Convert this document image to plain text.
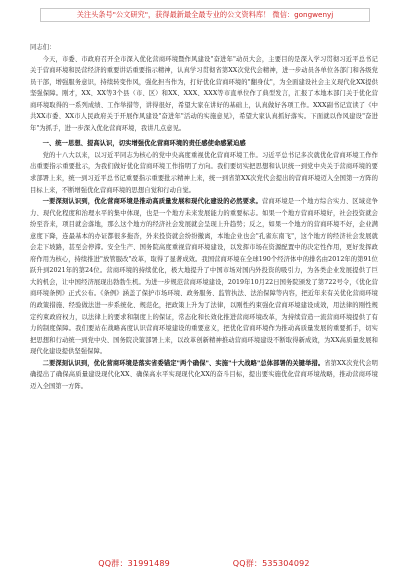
关注头条号"公文研究"，获得最新最全最专业的公文资料库！ 微信：gongwenyj

同志们：

今天，市委、市政府召开全市深入优化营商环境暨作风建设"奋进年"动员大会，主要目的是深入学习贯彻习近平总书记关于营商环境和民营经济的重要讲话重要指示精神，认真学习贯彻省第XX次党代会精神，进一步动员各单位各部门和各级党员干部，增强服务意识，持续转变作风，强化担当作为，打好优化营商环境的"翻身仗"，为全面建设社会主义现代化XX提供坚强保障。刚才，XX、XX等3个县（市、区）和XX、XXX、XXX等市直单位作了典型发言，汇报了本地本部门关于优化营商环境取得的一系列成绩、工作举措等，讲得很好，希望大家在讲好的基础上，认真做好各项工作。XXX副书记宣读了《中共XX市委、XX市人民政府关于开展作风建设"奋进年"活动的实施意见》，希望大家认真抓好落实。下面就以作风建设"奋进年"为抓手，进一步深入优化营商环境，我讲几点意见。

一、统一思想、提高认识，切实增强优化营商环境的责任感使命感紧迫感

党的十八大以来，以习近平同志为核心的党中央高度重视优化营商环境工作。习近平总书记多次就优化营商环境工作作出重要指示重要批示，为我们做好优化营商环境工作指明了方向。我们要切实把思想和认识统一到党中央关于营商环境的要求部署上来，统一到习近平总书记重要指示重要批示精神上来，统一到省第XX次党代会提出的营商环境迈入全国第一方阵的目标上来，不断增强优化营商环境的思想自觉和行动自觉。

一要深刻认识到，优化营商环境是推动高质量发展和现代化建设的必然要求。营商环境是一个地方综合实力、区域竞争力、现代化程度和治理水平的集中体现，也是一个地方未来发展能力的重要标志。如果一个地方营商环境好，社会投资就会纷至沓来，项目就会落地，那么这个地方的经济社会发展就会呈现上升趋势；反之，如果一个地方的营商环境不好，企业满意度下降，连最基本的办证都很多拖沓，外来投资就会纷纷撤离，本地企业也会"孔雀东南飞"，这个地方的经济社会发展就会走下坡路，甚至会停滞。安全生产、国务院高度重视营商环境建设，以发挥市场在资源配置中的决定性作用，更好发挥政府作用为核心，持续推进"放管服改"改革，取得了显著成效。我国营商环境在全球190个经济体中的排名由2012年的第91位跃升到2021年的第24位。营商环境的持续优化，极大地提升了中国市场对国内外投资的吸引力，为各类企业发展提供了巨大的机会，让中国经济展现出勃勃生机。为进一步规范营商环境建设，2019年10月22日国务院颁发了第722号令，《优化营商环境条例》正式公布。《条例》涵盖了保护市场环境、政务服务、监管执法、法治保障等内容，把近年来有关优化营商环境的政策措施、经验做法进一步系统化、规范化，把政策上升为了法律，以刚性约束强化营商环境建设成效，用法律的刚性规定约束政府权力，以法律上的要求和制度上的保证，常态化和长效化推进营商环境改革，为持续营造一流营商环境提供了有力的制度保障。我们要站在战略高度认识营商环境建设的重要意义，把优化营商环境作为推动高质量发展的重要抓手，切实把思想和行动统一到党中央、国务院决策部署上来，以改革创新精神推动营商环境建设不断取得新成效，为XX高质量发展和现代化建设提供坚强保障。

二要深刻认识到，优化营商环境是落实省委锚定"两个确保"、实施"十大战略"总体部署的关键举措。省第XX次党代会明确提出了确保高质量建设现代化XX、确保高水平实现现代化XX的奋斗目标，提出要实施优化营商环境战略，推动营商环境迈入全国第一方阵。

QQ群：31991489	QQ群：535304092
